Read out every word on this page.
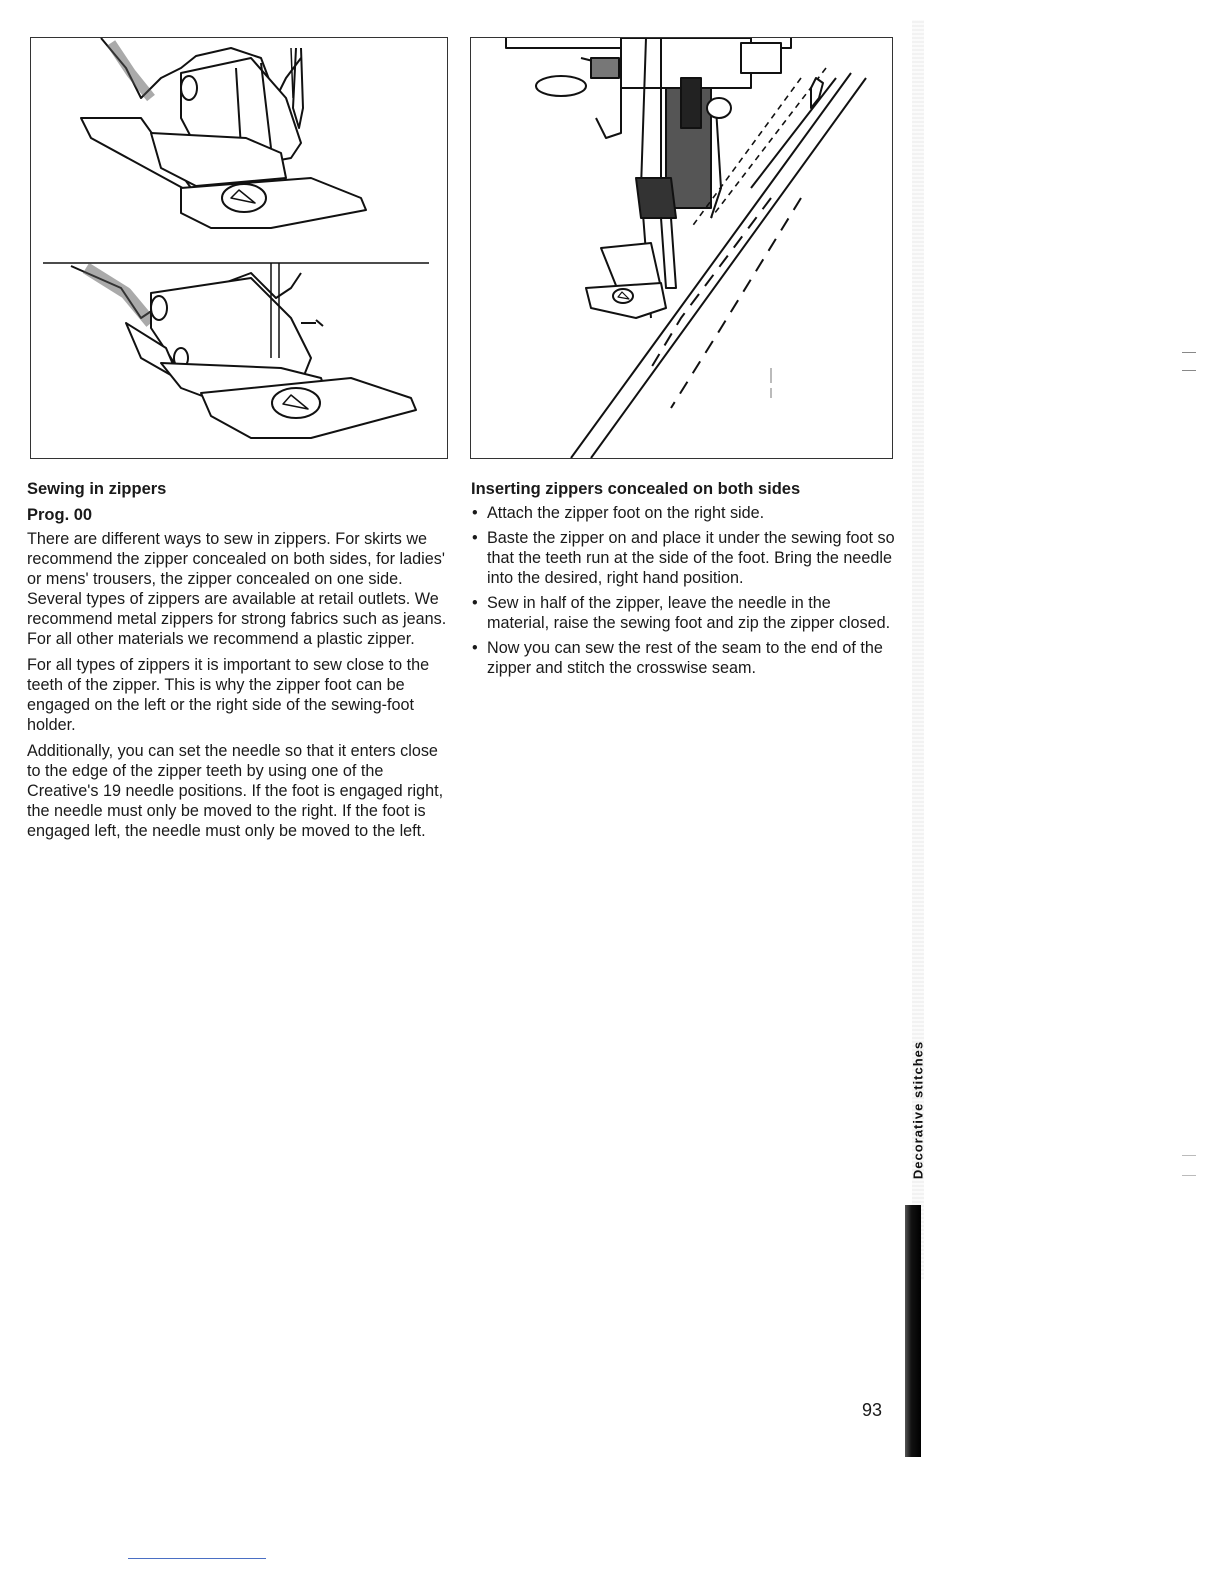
Sewing in zippers
Prog. 00

There are different ways to sew in zippers. For skirts we recommend the zipper concealed on both sides, for ladies' or mens' trousers, the zipper concealed on one side. Several types of zippers are available at retail outlets. We recommend metal zippers for strong fabrics such as jeans. For all other materials we recommend a plastic zipper.

For all types of zippers it is important to sew close to the teeth of the zipper. This is why the zipper foot can be engaged on the left or the right side of the sewing-foot holder.

Additionally, you can set the needle so that it enters close to the edge of the zipper teeth by using one of the Creative's 19 needle positions. If the foot is engaged right, the needle must only be moved to the right. If the foot is engaged left, the needle must only be moved to the left.

Inserting zippers concealed on both sides
• Attach the zipper foot on the right side.
• Baste the zipper on and place it under the sewing foot so that the teeth run at the side of the foot. Bring the needle into the desired, right hand position.
• Sew in half of the zipper, leave the needle in the material, raise the sewing foot and zip the zipper closed.
• Now you can sew the rest of the seam to the end of the zipper and stitch the crosswise seam.
Decorative stitches
93
